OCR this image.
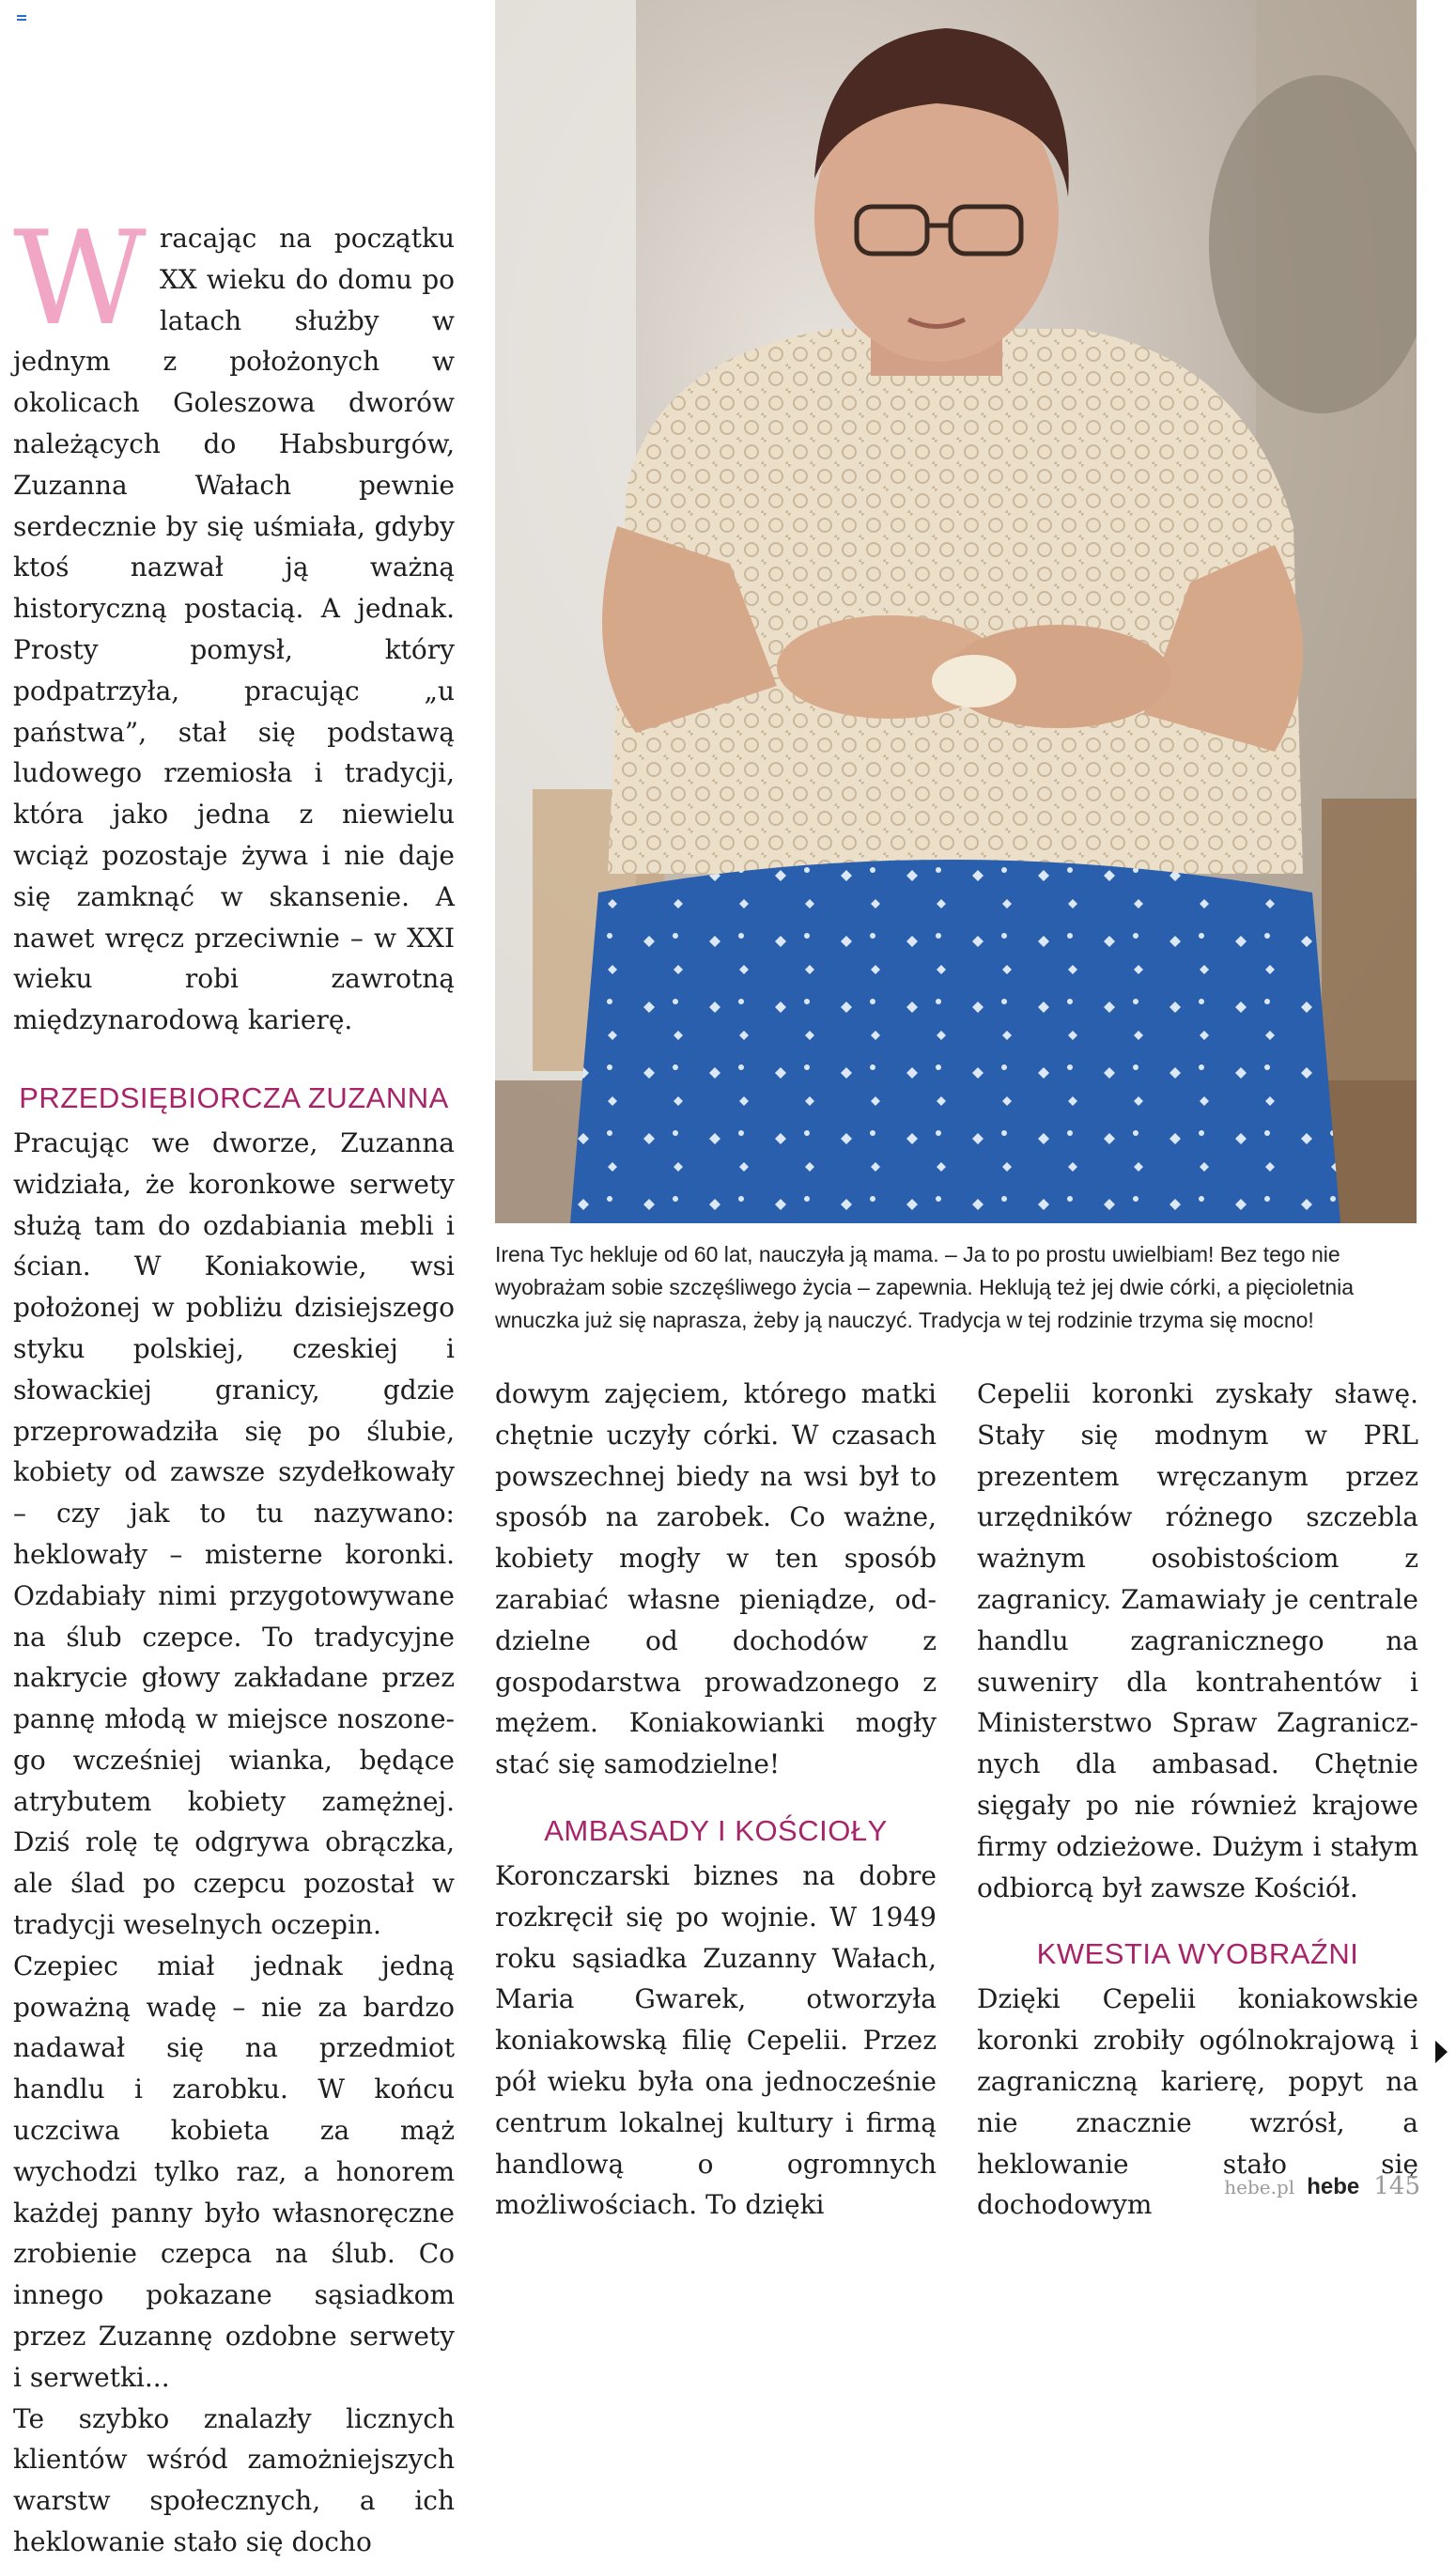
Wracając na początku XX wieku do domu po latach służby w jednym z położonych w okolicach Goleszowa dworów należących do Habsburgów, Zuzanna Wałach pewnie serdecznie by się uśmiała, gdyby ktoś nazwał ją ważną historyczną postacią. A jednak. Prosty pomysł, który podpatrzyła, pracując „u państwa”, stał się podstawą ludowego rzemiosła i tradycji, która jako jedna z niewielu wciąż pozostaje żywa i nie daje się zamknąć w skansenie. A nawet wręcz przeciwnie – w XXI wieku robi zawrotną międzynarodową karierę.

PRZEDSIĘBIORCZA ZUZANNA

Pracując we dworze, Zuzanna widziała, że koronkowe serwety służą tam do ozdabiania mebli i ścian. W Koniakowie, wsi położonej w pobliżu dzisiejszego styku polskiej, czeskiej i słowackiej granicy, gdzie przeprowadziła się po ślubie, kobiety od zawsze szydełkowały – czy jak to tu nazywano: heklowały – misterne koronki. Ozdabiały nimi przygotowywane na ślub czepce. To tradycyjne nakrycie głowy zakładane przez pannę młodą w miejsce noszonego wcześniej wianka, będące atrybutem kobiety zamężnej. Dziś rolę tę odgrywa obrączka, ale ślad po czepcu pozostał w tradycji weselnych oczepin.

Czepiec miał jednak jedną poważną wadę – nie za bardzo nadawał się na przedmiot handlu i zarobku. W końcu uczciwa kobieta za mąż wychodzi tylko raz, a honorem każdej panny było własnoręczne zrobienie czepca na ślub. Co innego pokazane sąsiadkom przez Zuzannę ozdobne serwety i serwetki...

Te szybko znalazły licznych klientów wśród zamożniejszych warstw społecznych, a ich heklowanie stało się docho

Irena Tyc hekluje od 60 lat, nauczyła ją mama. – Ja to po prostu uwielbiam! Bez tego nie wyobrażam sobie szczęśliwego życia – zapewnia. Heklują też jej dwie córki, a pięcioletnia wnuczka już się naprasza, żeby ją nauczyć. Tradycja w tej rodzinie trzyma się mocno!

dowym zajęciem, którego matki chętnie uczyły córki. W czasach powszechnej biedy na wsi był to sposób na zarobek. Co ważne, kobiety mogły w ten sposób zarabiać własne pieniądze, oddzielne od dochodów z gospodarstwa prowadzonego z mężem. Koniakowianki mogły stać się samodzielne!

AMBASADY I KOŚCIOŁY

Koronczarski biznes na dobre rozkręcił się po wojnie. W 1949 roku sąsiadka Zuzanny Wałach, Maria Gwarek, otworzyła koniakowską filię Cepelii. Przez pół wieku była ona jednocześnie centrum lokalnej kultury i firmą handlową o ogromnych możliwościach. To dzięki

Cepelii koronki zyskały sławę. Stały się modnym w PRL prezentem wręczanym przez urzędników różnego szczebla ważnym osobistościom z zagranicy. Zamawiały je centrale handlu zagranicznego na suweniry dla kontrahentów i Ministerstwo Spraw Zagranicznych dla ambasad. Chętnie sięgały po nie również krajowe firmy odzieżowe. Dużym i stałym odbiorcą był zawsze Kościół.

KWESTIA WYOBRAŹNI

Dzięki Cepelii koniakowskie koronki zrobiły ogólnokrajową i zagraniczną karierę, popyt na nie znacznie wzrósł, a heklowanie stało się dochodowym

hebe.pl hebe 145
